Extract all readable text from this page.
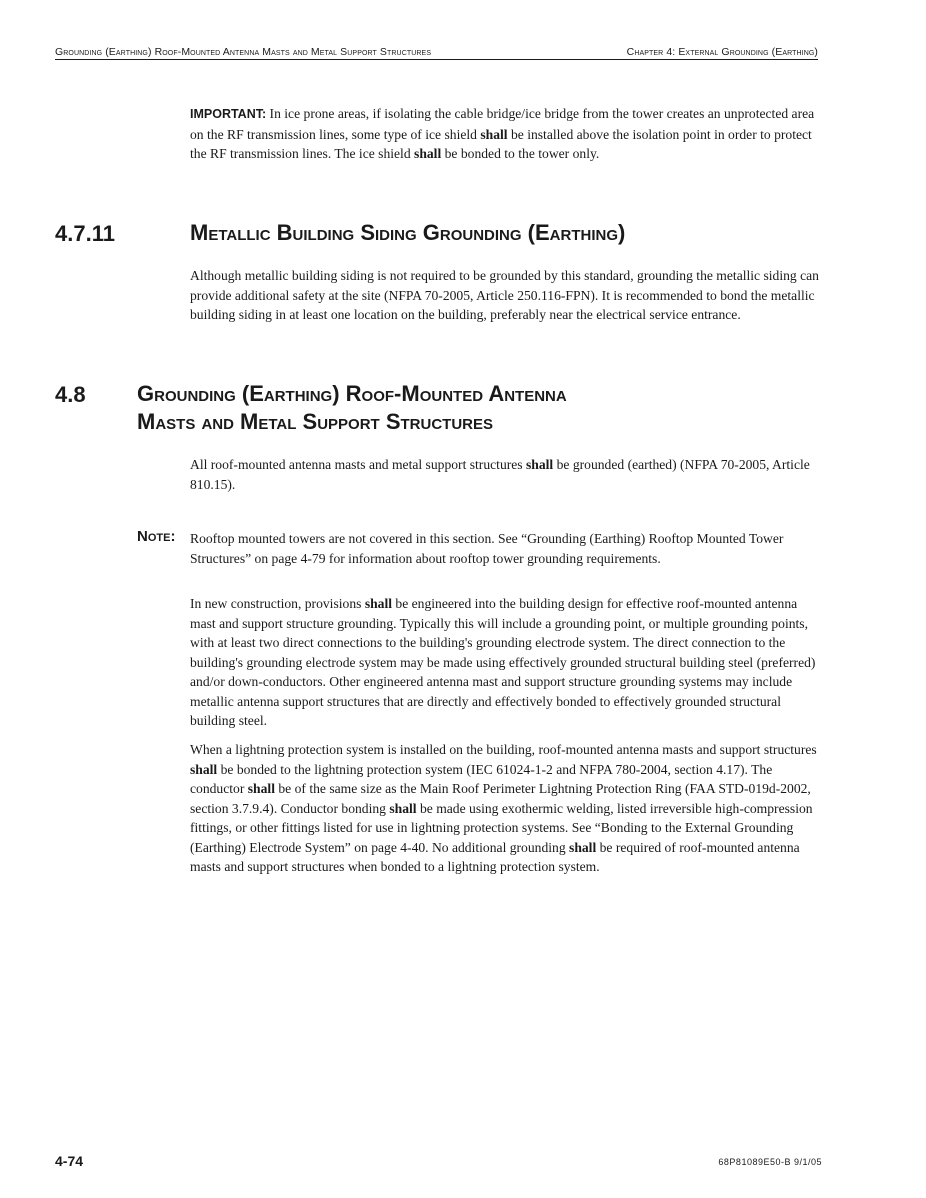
Grounding (Earthing) Roof-Mounted Antenna Masts and Metal Support Structures	Chapter 4: External Grounding (Earthing)

IMPORTANT: In ice prone areas, if isolating the cable bridge/ice bridge from the tower creates an unprotected area on the RF transmission lines, some type of ice shield shall be installed above the isolation point in order to protect the RF transmission lines. The ice shield shall be bonded to the tower only.

4.7.11	Metallic Building Siding Grounding (Earthing)

Although metallic building siding is not required to be grounded by this standard, grounding the metallic siding can provide additional safety at the site (NFPA 70-2005, Article 250.116-FPN). It is recommended to bond the metallic building siding in at least one location on the building, preferably near the electrical service entrance.

4.8 Grounding (Earthing) Roof-Mounted Antenna
Masts and Metal Support Structures

All roof-mounted antenna masts and metal support structures shall be grounded (earthed) (NFPA 70-2005, Article 810.15).

Note: Rooftop mounted towers are not covered in this section. See “Grounding (Earthing) Rooftop Mounted Tower Structures” on page 4-79 for information about rooftop tower grounding requirements.

In new construction, provisions shall be engineered into the building design for effective roof-mounted antenna mast and support structure grounding. Typically this will include a grounding point, or multiple grounding points, with at least two direct connections to the building's grounding electrode system. The direct connection to the building's grounding electrode system may be made using effectively grounded structural building steel (preferred) and/or down-conductors. Other engineered antenna mast and support structure grounding systems may include metallic antenna support structures that are directly and effectively bonded to effectively grounded structural building steel.

When a lightning protection system is installed on the building, roof-mounted antenna masts and support structures shall be bonded to the lightning protection system (IEC 61024-1-2 and NFPA 780-2004, section 4.17). The conductor shall be of the same size as the Main Roof Perimeter Lightning Protection Ring (FAA STD-019d-2002, section 3.7.9.4). Conductor bonding shall be made using exothermic welding, listed irreversible high-compression fittings, or other fittings listed for use in lightning protection systems. See “Bonding to the External Grounding (Earthing) Electrode System” on page 4-40. No additional grounding shall be required of roof-mounted antenna masts and support structures when bonded to a lightning protection system.

4-74	68P81089E50-B 9/1/05
